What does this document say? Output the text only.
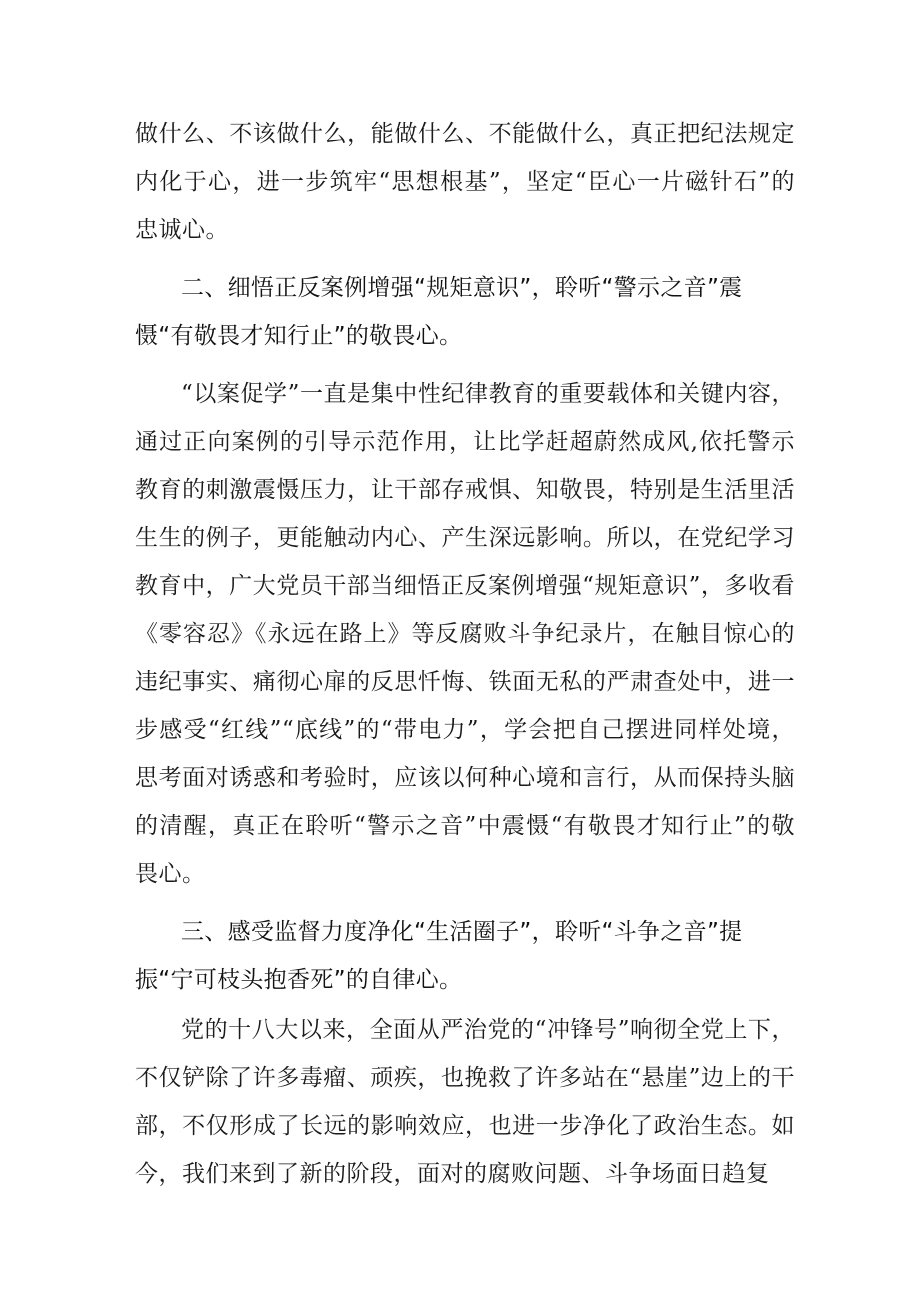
做什么、不该做什么，能做什么、不能做什么，真正把纪法规定内化于心，进一步筑牢“思想根基”，坚定“臣心一片磁针石”的忠诚心。

二、细悟正反案例增强“规矩意识”，聆听“警示之音”震慑“有敬畏才知行止”的敬畏心。

“以案促学”一直是集中性纪律教育的重要载体和关键内容，通过正向案例的引导示范作用，让比学赶超蔚然成风,依托警示教育的刺激震慑压力，让干部存戒惧、知敬畏，特别是生活里活生生的例子，更能触动内心、产生深远影响。所以，在党纪学习教育中，广大党员干部当细悟正反案例增强“规矩意识”，多收看《零容忍》《永远在路上》等反腐败斗争纪录片，在触目惊心的违纪事实、痛彻心扉的反思忏悔、铁面无私的严肃查处中，进一步感受“红线”“底线”的“带电力”，学会把自己摆进同样处境，思考面对诱惑和考验时，应该以何种心境和言行，从而保持头脑的清醒，真正在聆听“警示之音”中震慑“有敬畏才知行止”的敬畏心。

三、感受监督力度净化“生活圈子”，聆听“斗争之音”提振“宁可枝头抱香死”的自律心。

党的十八大以来，全面从严治党的“冲锋号”响彻全党上下，不仅铲除了许多毒瘤、顽疾，也挽救了许多站在“悬崖”边上的干部，不仅形成了长远的影响效应，也进一步净化了政治生态。如今，我们来到了新的阶段，面对的腐败问题、斗争场面日趋复
